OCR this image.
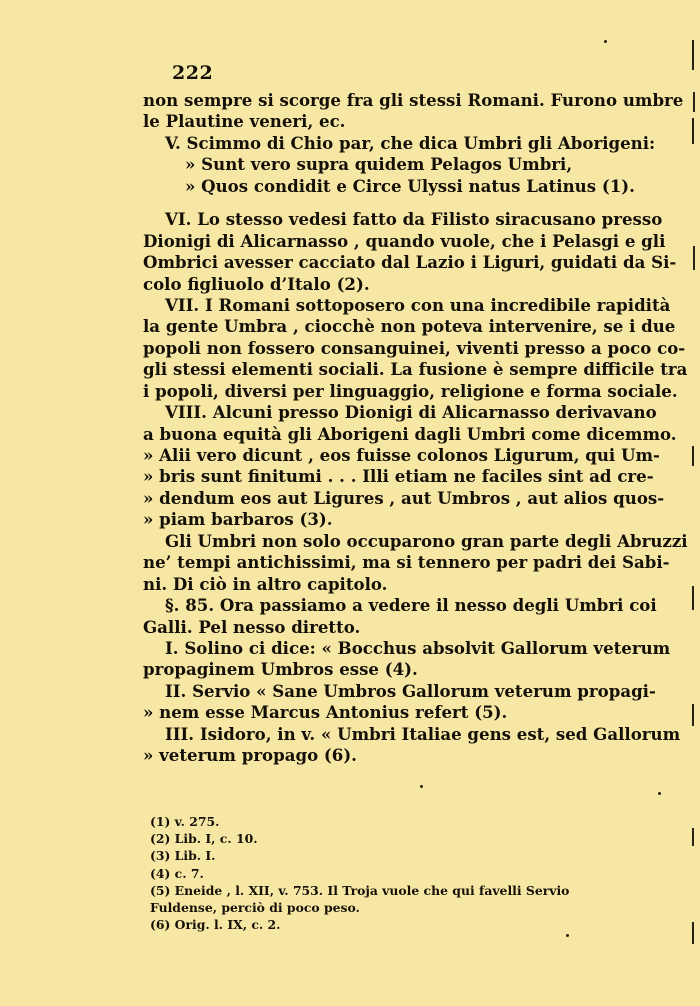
222
non sempre si scorge fra gli stessi Romani. Furono umbre
le Plautine veneri, ec.
V. Scimmo di Chio par, che dica Umbri gli Aborigeni:
» Sunt vero supra quidem Pelagos Umbri,
» Quos condidit e Circe Ulyssi natus Latinus (1).
VI. Lo stesso vedesi fatto da Filisto siracusano presso
Dionigi di Alicarnasso , quando vuole, che i Pelasgi e gli
Ombrici avesser cacciato dal Lazio i Liguri, guidati da Si-
colo figliuolo d’Italo (2).
VII. I Romani sottoposero con una incredibile rapidità
la gente Umbra , ciocchè non poteva intervenire, se i due
popoli non fossero consanguinei, viventi presso a poco co-
gli stessi elementi sociali. La fusione è sempre difficile tra
i popoli, diversi per linguaggio, religione e forma sociale.
VIII. Alcuni presso Dionigi di Alicarnasso derivavano
a buona equità gli Aborigeni dagli Umbri come dicemmo.
» Alii vero dicunt , eos fuisse colonos Ligurum, qui Um-
» bris sunt finitumi . . . Illi etiam ne faciles sint ad cre-
» dendum eos aut Ligures , aut Umbros , aut alios quos-
» piam barbaros (3).
Gli Umbri non solo occuparono gran parte degli Abruzzi
ne’ tempi antichissimi, ma si tennero per padri dei Sabi-
ni. Di ciò in altro capitolo.
§. 85. Ora passiamo a vedere il nesso degli Umbri coi
Galli. Pel nesso diretto.
I. Solino ci dice: « Bocchus absolvit Gallorum veterum
propaginem Umbros esse (4).
II. Servio « Sane Umbros Gallorum veterum propagi-
» nem esse Marcus Antonius refert (5).
III. Isidoro, in v. « Umbri Italiae gens est, sed Gallorum
» veterum propago (6).
(1) v. 275.
(2) Lib. I, c. 10.
(3) Lib. I.
(4) c. 7.
(5) Eneide , l. XII, v. 753. Il Troja vuole che qui favelli Servio
Fuldense, perciò di poco peso.
(6) Orig. l. IX, c. 2.
